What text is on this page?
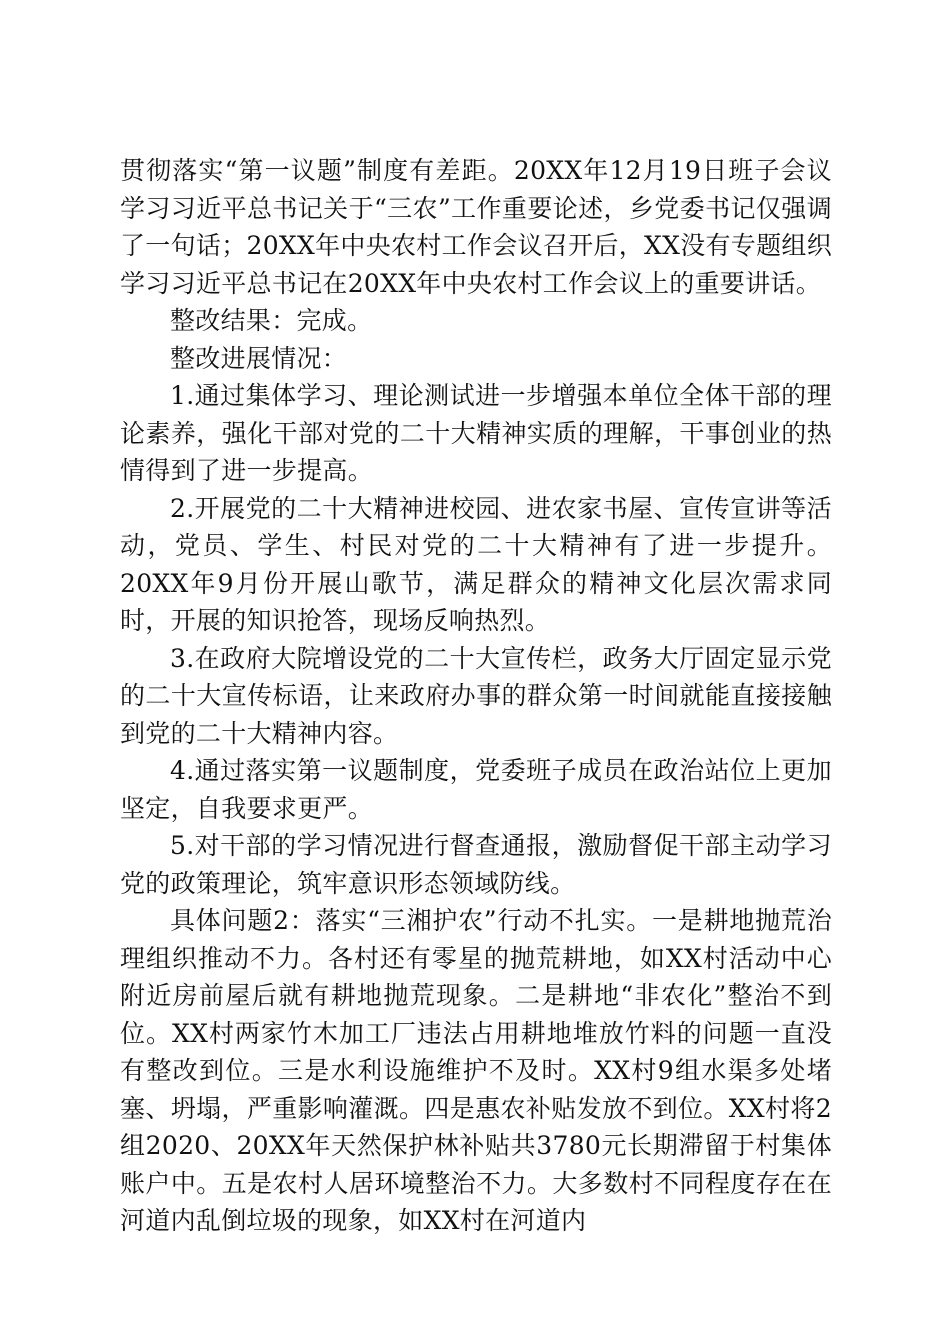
贯彻落实“第一议题”制度有差距。20XX年12月19日班子会议学习习近平总书记关于“三农”工作重要论述，乡党委书记仅强调了一句话；20XX年中央农村工作会议召开后，XX没有专题组织学习习近平总书记在20XX年中央农村工作会议上的重要讲话。

整改结果：完成。

整改进展情况：

1.通过集体学习、理论测试进一步增强本单位全体干部的理论素养，强化干部对党的二十大精神实质的理解，干事创业的热情得到了进一步提高。

2.开展党的二十大精神进校园、进农家书屋、宣传宣讲等活动，党员、学生、村民对党的二十大精神有了进一步提升。20XX年9月份开展山歌节，满足群众的精神文化层次需求同时，开展的知识抢答，现场反响热烈。

3.在政府大院增设党的二十大宣传栏，政务大厅固定显示党的二十大宣传标语，让来政府办事的群众第一时间就能直接接触到党的二十大精神内容。

4.通过落实第一议题制度，党委班子成员在政治站位上更加坚定，自我要求更严。

5.对干部的学习情况进行督查通报，激励督促干部主动学习党的政策理论，筑牢意识形态领域防线。

具体问题2：落实“三湘护农”行动不扎实。一是耕地抛荒治理组织推动不力。各村还有零星的抛荒耕地，如XX村活动中心附近房前屋后就有耕地抛荒现象。二是耕地“非农化”整治不到位。XX村两家竹木加工厂违法占用耕地堆放竹料的问题一直没有整改到位。三是水利设施维护不及时。XX村9组水渠多处堵塞、坍塌，严重影响灌溉。四是惠农补贴发放不到位。XX村将2组2020、20XX年天然保护林补贴共3780元长期滞留于村集体账户中。五是农村人居环境整治不力。大多数村不同程度存在在河道内乱倒垃圾的现象，如XX村在河道内
